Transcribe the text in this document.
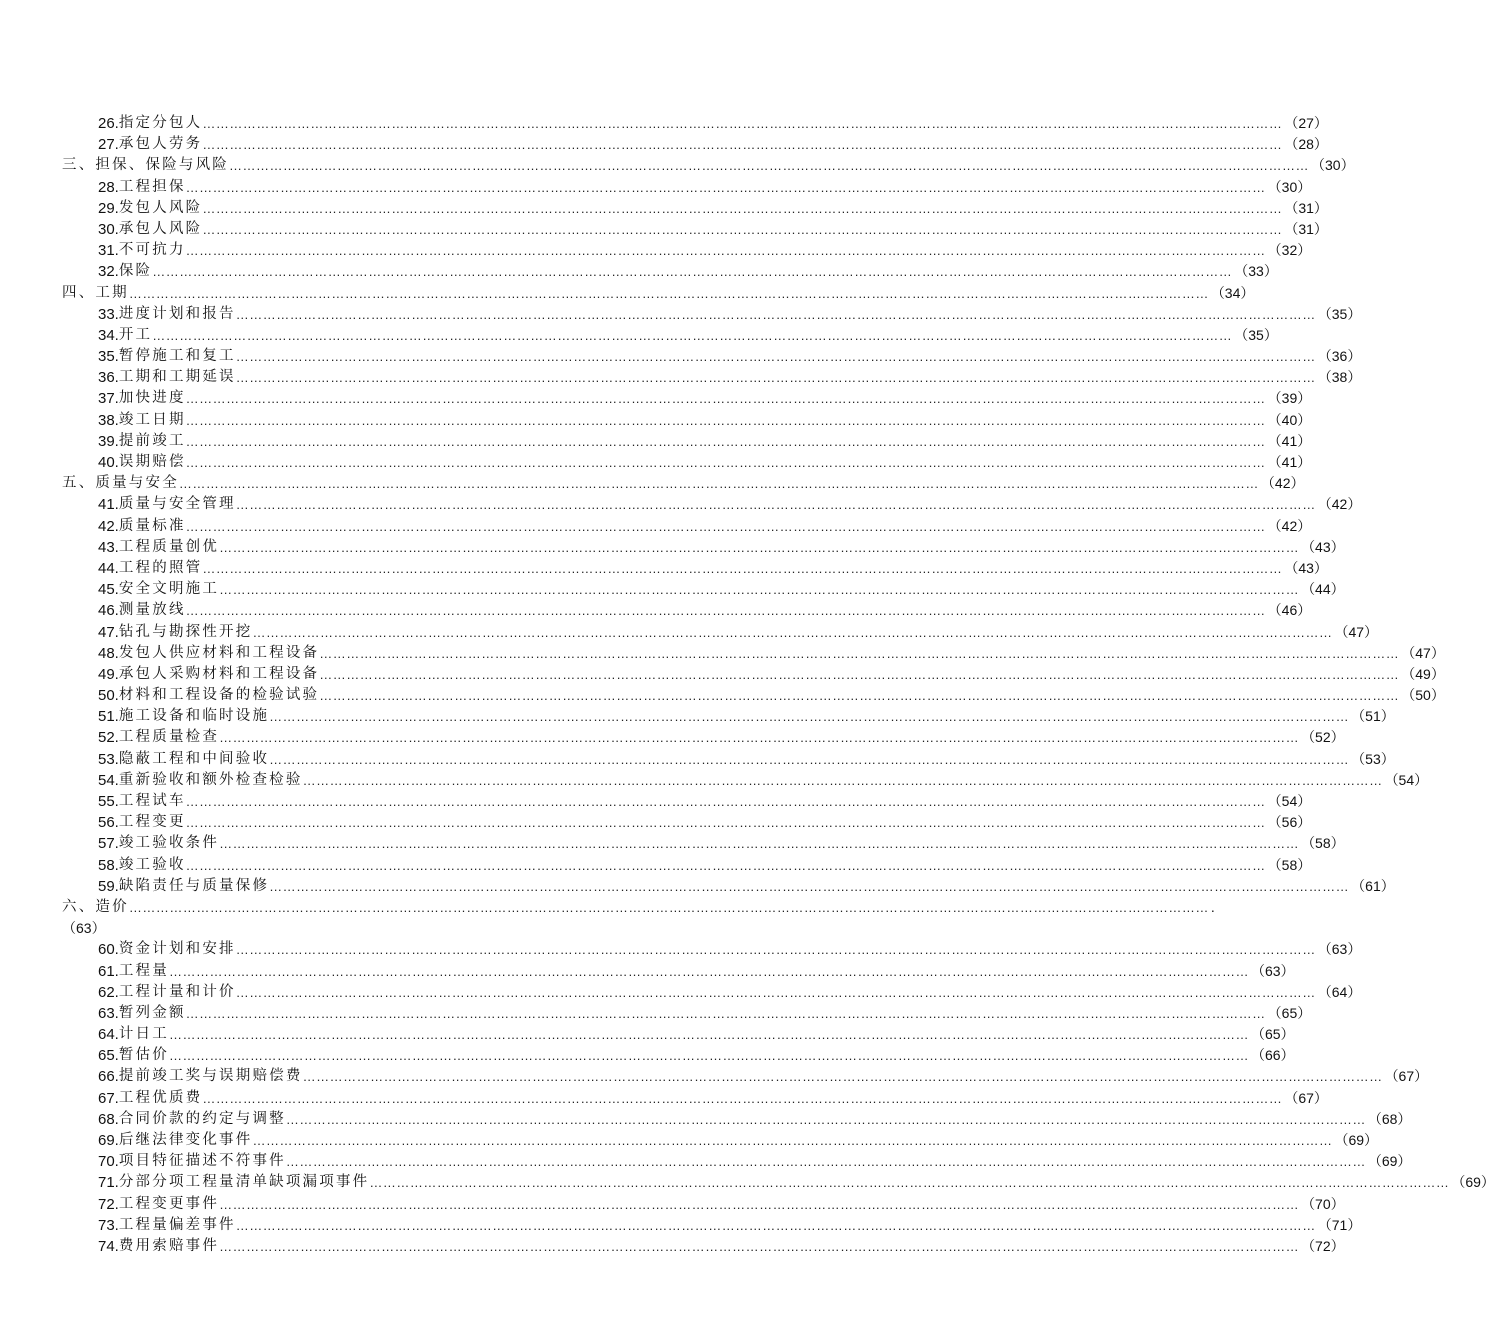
26. 指定分包人 …………………………………………………………………………………………………………………………………………………………………………………………………………………… （27）
27. 承包人劳务 …………………………………………………………………………………………………………………………………………………………………………………………………………………… （28）
三、担保、保险与风险 …………………………………………………………………………………………………………………………………………………………………………………………………………………… （30）
28. 工程担保 …………………………………………………………………………………………………………………………………………………………………………………………………………………… （30）
29. 发包人风险 …………………………………………………………………………………………………………………………………………………………………………………………………………………… （31）
30. 承包人风险 …………………………………………………………………………………………………………………………………………………………………………………………………………………… （31）
31. 不可抗力 …………………………………………………………………………………………………………………………………………………………………………………………………………………… （32）
32. 保险 …………………………………………………………………………………………………………………………………………………………………………………………………………………… （33）
四、工期 …………………………………………………………………………………………………………………………………………………………………………………………………………………… （34）
33. 进度计划和报告 …………………………………………………………………………………………………………………………………………………………………………………………………………………… （35）
34. 开工 …………………………………………………………………………………………………………………………………………………………………………………………………………………… （35）
35. 暂停施工和复工 …………………………………………………………………………………………………………………………………………………………………………………………………………………… （36）
36. 工期和工期延误 …………………………………………………………………………………………………………………………………………………………………………………………………………………… （38）
37. 加快进度 …………………………………………………………………………………………………………………………………………………………………………………………………………………… （39）
38. 竣工日期 …………………………………………………………………………………………………………………………………………………………………………………………………………………… （40）
39. 提前竣工 …………………………………………………………………………………………………………………………………………………………………………………………………………………… （41）
40. 误期赔偿 …………………………………………………………………………………………………………………………………………………………………………………………………………………… （41）
五、质量与安全 …………………………………………………………………………………………………………………………………………………………………………………………………………………… （42）
41. 质量与安全管理 …………………………………………………………………………………………………………………………………………………………………………………………………………………… （42）
42. 质量标准 …………………………………………………………………………………………………………………………………………………………………………………………………………………… （42）
43. 工程质量创优 …………………………………………………………………………………………………………………………………………………………………………………………………………………… （43）
44. 工程的照管 …………………………………………………………………………………………………………………………………………………………………………………………………………………… （43）
45. 安全文明施工 …………………………………………………………………………………………………………………………………………………………………………………………………………………… （44）
46. 测量放线 …………………………………………………………………………………………………………………………………………………………………………………………………………………… （46）
47. 钻孔与勘探性开挖 …………………………………………………………………………………………………………………………………………………………………………………………………………………… （47）
48. 发包人供应材料和工程设备 …………………………………………………………………………………………………………………………………………………………………………………………………………………… （47）
49. 承包人采购材料和工程设备 …………………………………………………………………………………………………………………………………………………………………………………………………………………… （49）
50. 材料和工程设备的检验试验 …………………………………………………………………………………………………………………………………………………………………………………………………………………… （50）
51. 施工设备和临时设施 …………………………………………………………………………………………………………………………………………………………………………………………………………………… （51）
52. 工程质量检查 …………………………………………………………………………………………………………………………………………………………………………………………………………………… （52）
53. 隐蔽工程和中间验收 …………………………………………………………………………………………………………………………………………………………………………………………………………………… （53）
54. 重新验收和额外检查检验 …………………………………………………………………………………………………………………………………………………………………………………………………………………… （54）
55. 工程试车 …………………………………………………………………………………………………………………………………………………………………………………………………………………… （54）
56. 工程变更 …………………………………………………………………………………………………………………………………………………………………………………………………………………… （56）
57. 竣工验收条件 …………………………………………………………………………………………………………………………………………………………………………………………………………………… （58）
58. 竣工验收 …………………………………………………………………………………………………………………………………………………………………………………………………………………… （58）
59. 缺陷责任与质量保修 …………………………………………………………………………………………………………………………………………………………………………………………………………………… （61）
六、造价 …………………………………………………………………………………………………………………………………………………………………………………………………………………… .
（63）
60. 资金计划和安排 …………………………………………………………………………………………………………………………………………………………………………………………………………………… （63）
61. 工程量 …………………………………………………………………………………………………………………………………………………………………………………………………………………… （63）
62. 工程计量和计价 …………………………………………………………………………………………………………………………………………………………………………………………………………………… （64）
63. 暂列金额 …………………………………………………………………………………………………………………………………………………………………………………………………………………… （65）
64. 计日工 …………………………………………………………………………………………………………………………………………………………………………………………………………………… （65）
65. 暂估价 …………………………………………………………………………………………………………………………………………………………………………………………………………………… （66）
66. 提前竣工奖与误期赔偿费 …………………………………………………………………………………………………………………………………………………………………………………………………………………… （67）
67. 工程优质费 …………………………………………………………………………………………………………………………………………………………………………………………………………………… （67）
68. 合同价款的约定与调整 …………………………………………………………………………………………………………………………………………………………………………………………………………………… （68）
69. 后继法律变化事件 …………………………………………………………………………………………………………………………………………………………………………………………………………………… （69）
70. 项目特征描述不符事件 …………………………………………………………………………………………………………………………………………………………………………………………………………………… （69）
71. 分部分项工程量清单缺项漏项事件 …………………………………………………………………………………………………………………………………………………………………………………………………………………… （69）
72. 工程变更事件 …………………………………………………………………………………………………………………………………………………………………………………………………………………… （70）
73. 工程量偏差事件 …………………………………………………………………………………………………………………………………………………………………………………………………………………… （71）
74. 费用索赔事件 …………………………………………………………………………………………………………………………………………………………………………………………………………………… （72）
